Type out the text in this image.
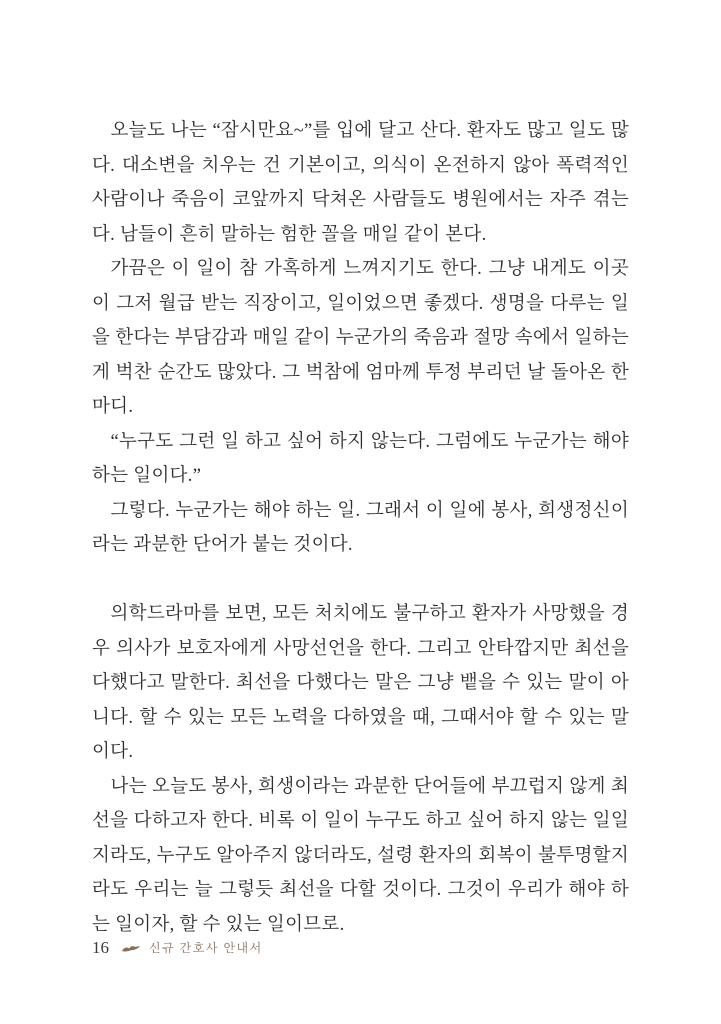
오늘도 나는 “잠시만요~”를 입에 달고 산다. 환자도 많고 일도 많다. 대소변을 치우는 건 기본이고, 의식이 온전하지 않아 폭력적인 사람이나 죽음이 코앞까지 닥쳐온 사람들도 병원에서는 자주 겪는다. 남들이 흔히 말하는 험한 꼴을 매일 같이 본다.

가끔은 이 일이 참 가혹하게 느껴지기도 한다. 그냥 내게도 이곳이 그저 월급 받는 직장이고, 일이었으면 좋겠다. 생명을 다루는 일을 한다는 부담감과 매일 같이 누군가의 죽음과 절망 속에서 일하는 게 벅찬 순간도 많았다. 그 벅참에 엄마께 투정 부리던 날 돌아온 한마디.

“누구도 그런 일 하고 싶어 하지 않는다. 그럼에도 누군가는 해야 하는 일이다.”

그렇다. 누군가는 해야 하는 일. 그래서 이 일에 봉사, 희생정신이라는 과분한 단어가 붙는 것이다.

의학드라마를 보면, 모든 처치에도 불구하고 환자가 사망했을 경우 의사가 보호자에게 사망선언을 한다. 그리고 안타깝지만 최선을 다했다고 말한다. 최선을 다했다는 말은 그냥 뱉을 수 있는 말이 아니다. 할 수 있는 모든 노력을 다하였을 때, 그때서야 할 수 있는 말이다.

나는 오늘도 봉사, 희생이라는 과분한 단어들에 부끄럽지 않게 최선을 다하고자 한다. 비록 이 일이 누구도 하고 싶어 하지 않는 일일지라도, 누구도 알아주지 않더라도, 설령 환자의 회복이 불투명할지라도 우리는 늘 그렇듯 최선을 다할 것이다. 그것이 우리가 해야 하는 일이자, 할 수 있는 일이므로.

16	신규 간호사 안내서
